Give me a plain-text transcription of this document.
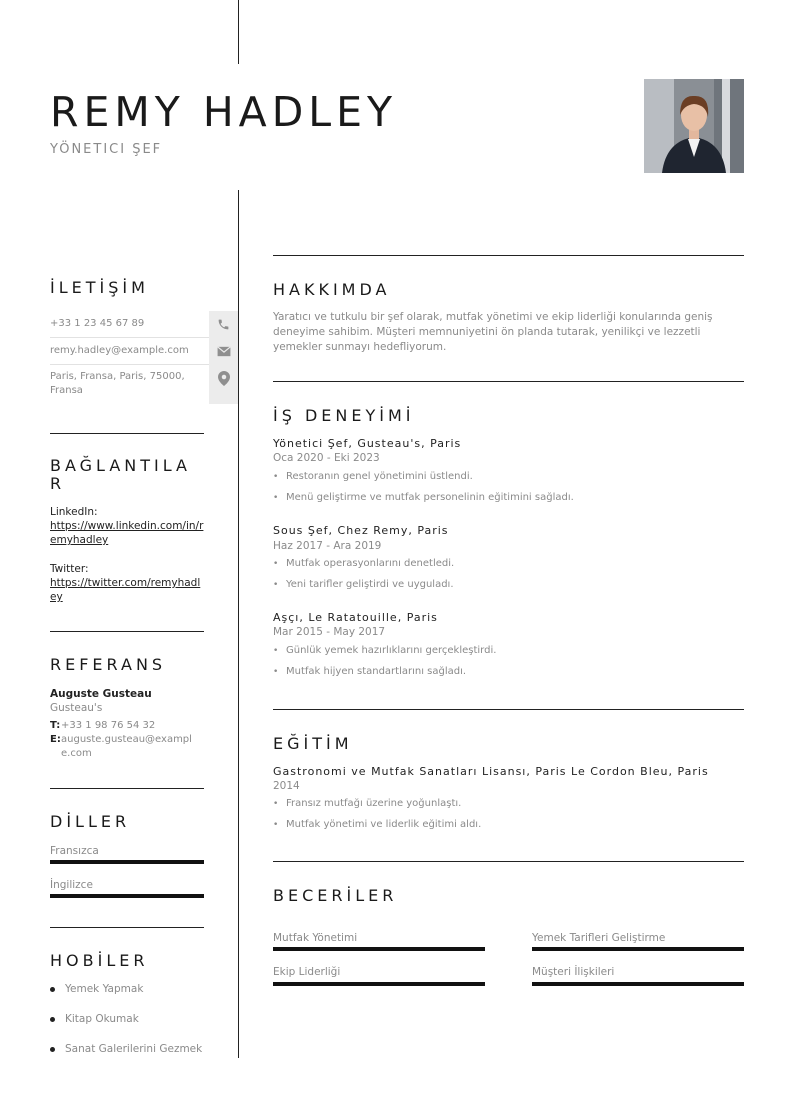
REMY HADLEY
YÖNETICI ŞEF
İLETİŞİM
+33 1 23 45 67 89
remy.hadley@example.com
Paris, Fransa, Paris, 75000, Fransa
BAĞLANTILAR
LinkedIn:
https://www.linkedin.com/in/remyhadley
Twitter:
https://twitter.com/remyhadley
REFERANS
Auguste Gusteau
Gusteau's
T: +33 1 98 76 54 32
E: auguste.gusteau@example.com
DİLLER
Fransızca
İngilizce
HOBİLER
Yemek Yapmak
Kitap Okumak
Sanat Galerilerini Gezmek
HAKKIMDA
Yaratıcı ve tutkulu bir şef olarak, mutfak yönetimi ve ekip liderliği konularında geniş deneyime sahibim. Müşteri memnuniyetini ön planda tutarak, yenilikçi ve lezzetli yemekler sunmayı hedefliyorum.
İŞ DENEYİMİ
Yönetici Şef, Gusteau's, Paris
Oca 2020 - Eki 2023
• Restoranın genel yönetimini üstlendi.
• Menü geliştirme ve mutfak personelinin eğitimini sağladı.
Sous Şef, Chez Remy, Paris
Haz 2017 - Ara 2019
• Mutfak operasyonlarını denetledi.
• Yeni tarifler geliştirdi ve uyguladı.
Aşçı, Le Ratatouille, Paris
Mar 2015 - May 2017
• Günlük yemek hazırlıklarını gerçekleştirdi.
• Mutfak hijyen standartlarını sağladı.
EĞİTİM
Gastronomi ve Mutfak Sanatları Lisansı, Paris Le Cordon Bleu, Paris
2014
• Fransız mutfağı üzerine yoğunlaştı.
• Mutfak yönetimi ve liderlik eğitimi aldı.
BECERİLER
Mutfak Yönetimi	Yemek Tarifleri Geliştirme
Ekip Liderliği	Müşteri İlişkileri
